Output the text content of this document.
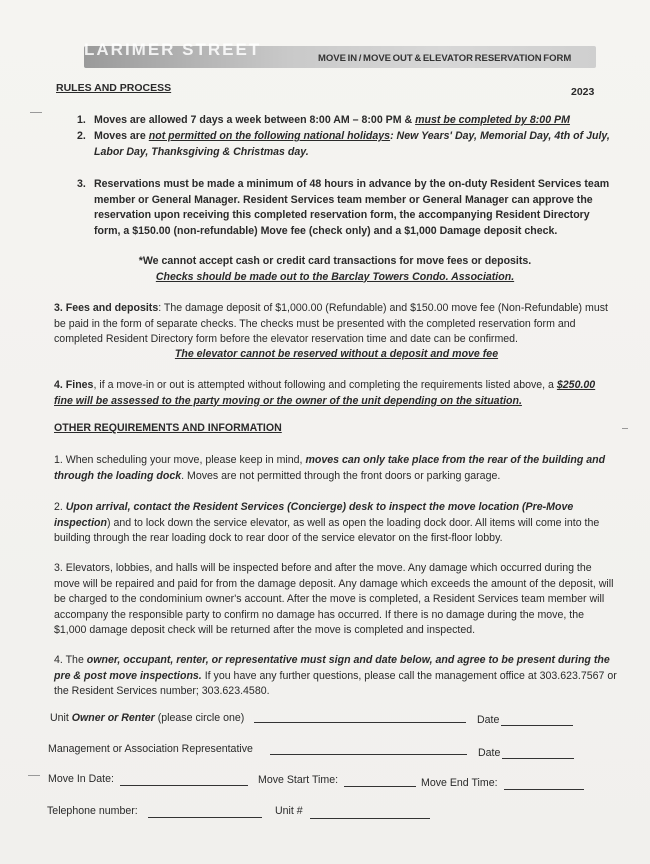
LARIMER STREET	MOVE IN / MOVE OUT & ELEVATOR RESERVATION FORM
RULES AND PROCESS	2023
1. Moves are allowed 7 days a week between 8:00 AM – 8:00 PM & must be completed by 8:00 PM
2. Moves are not permitted on the following national holidays: New Years' Day, Memorial Day, 4th of July, Labor Day, Thanksgiving & Christmas day.
3. Reservations must be made a minimum of 48 hours in advance by the on-duty Resident Services team member or General Manager. Resident Services team member or General Manager can approve the reservation upon receiving this completed reservation form, the accompanying Resident Directory form, a $150.00 (non-refundable) Move fee (check only) and a $1,000 Damage deposit check.
*We cannot accept cash or credit card transactions for move fees or deposits.
Checks should be made out to the Barclay Towers Condo. Association.
3. Fees and deposits: The damage deposit of $1,000.00 (Refundable) and $150.00 move fee (Non-Refundable) must be paid in the form of separate checks. The checks must be presented with the completed reservation form and completed Resident Directory form before the elevator reservation time and date can be confirmed.
The elevator cannot be reserved without a deposit and move fee
4. Fines, if a move-in or out is attempted without following and completing the requirements listed above, a $250.00 fine will be assessed to the party moving or the owner of the unit depending on the situation.
OTHER REQUIREMENTS AND INFORMATION
1. When scheduling your move, please keep in mind, moves can only take place from the rear of the building and through the loading dock. Moves are not permitted through the front doors or parking garage.
2. Upon arrival, contact the Resident Services (Concierge) desk to inspect the move location (Pre-Move inspection) and to lock down the service elevator, as well as open the loading dock door. All items will come into the building through the rear loading dock to rear door of the service elevator on the first-floor lobby.
3. Elevators, lobbies, and halls will be inspected before and after the move. Any damage which occurred during the move will be repaired and paid for from the damage deposit. Any damage which exceeds the amount of the deposit, will be charged to the condominium owner's account. After the move is completed, a Resident Services team member will accompany the responsible party to confirm no damage has occurred. If there is no damage during the move, the $1,000 damage deposit check will be returned after the move is completed and inspected.
4. The owner, occupant, renter, or representative must sign and date below, and agree to be present during the pre & post move inspections. If you have any further questions, please call the management office at 303.623.7567 or the Resident Services number; 303.623.4580.
Unit Owner or Renter (please circle one)	Date
Management or Association Representative	Date
Move In Date:	Move Start Time:	Move End Time:
Telephone number:	Unit #
